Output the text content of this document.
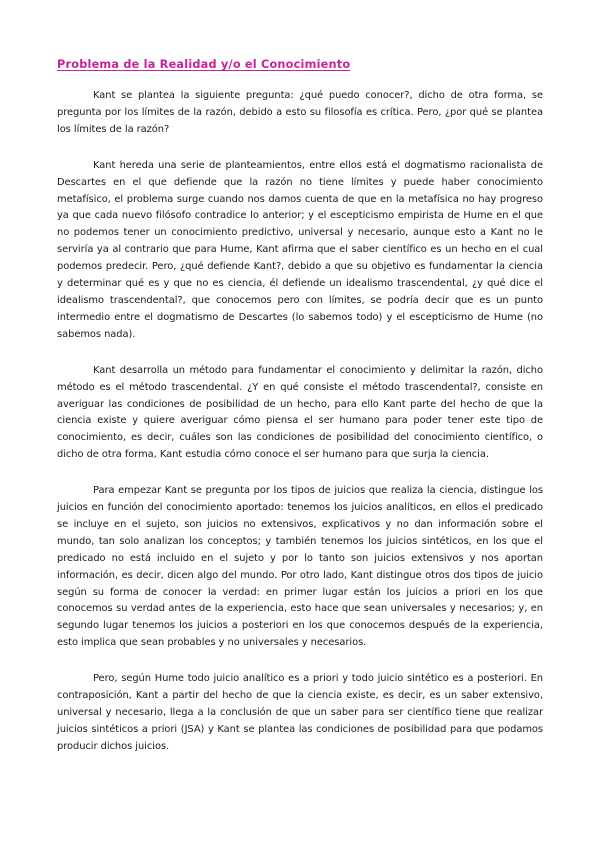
Problema de la Realidad y/o el Conocimiento

Kant se plantea la siguiente pregunta: ¿qué puedo conocer?, dicho de otra forma, se pregunta por los límites de la razón, debido a esto su filosofía es crítica. Pero, ¿por qué se plantea los límites de la razón?

Kant hereda una serie de planteamientos, entre ellos está el dogmatismo racionalista de Descartes en el que defiende que la razón no tiene límites y puede haber conocimiento metafísico, el problema surge cuando nos damos cuenta de que en la metafísica no hay progreso ya que cada nuevo filósofo contradice lo anterior; y el escepticismo empirista de Hume en el que no podemos tener un conocimiento predictivo, universal y necesario, aunque esto a Kant no le serviría ya al contrario que para Hume, Kant afirma que el saber científico es un hecho en el cual podemos predecir. Pero, ¿qué defiende Kant?, debido a que su objetivo es fundamentar la ciencia y determinar qué es y que no es ciencia, él defiende un idealismo trascendental, ¿y qué dice el idealismo trascendental?, que conocemos pero con límites, se podría decir que es un punto intermedio entre el dogmatismo de Descartes (lo sabemos todo) y el escepticismo de Hume (no sabemos nada).

Kant desarrolla un método para fundamentar el conocimiento y delimitar la razón, dicho método es el método trascendental. ¿Y en qué consiste el método trascendental?, consiste en averiguar las condiciones de posibilidad de un hecho, para ello Kant parte del hecho de que la ciencia existe y quiere averiguar cómo piensa el ser humano para poder tener este tipo de conocimiento, es decir, cuáles son las condiciones de posibilidad del conocimiento científico, o dicho de otra forma, Kant estudia cómo conoce el ser humano para que surja la ciencia.

Para empezar Kant se pregunta por los tipos de juicios que realiza la ciencia, distingue los juicios en función del conocimiento aportado: tenemos los juicios analíticos, en ellos el predicado se incluye en el sujeto, son juicios no extensivos, explicativos y no dan información sobre el mundo, tan solo analizan los conceptos; y también tenemos los juicios sintéticos, en los que el predicado no está incluido en el sujeto y por lo tanto son juicios extensivos y nos aportan información, es decir, dicen algo del mundo. Por otro lado, Kant distingue otros dos tipos de juicio según su forma de conocer la verdad: en primer lugar están los juicios a priori en los que conocemos su verdad antes de la experiencia, esto hace que sean universales y necesarios; y, en segundo lugar tenemos los juicios a posteriori en los que conocemos después de la experiencia, esto implica que sean probables y no universales y necesarios.

Pero, según Hume todo juicio analítico es a priori y todo juicio sintético es a posteriori. En contraposición, Kant a partir del hecho de que la ciencia existe, es decir, es un saber extensivo, universal y necesario, llega a la conclusión de que un saber para ser científico tiene que realizar juicios sintéticos a priori (JSA) y Kant se plantea las condiciones de posibilidad para que podamos producir dichos juicios.
